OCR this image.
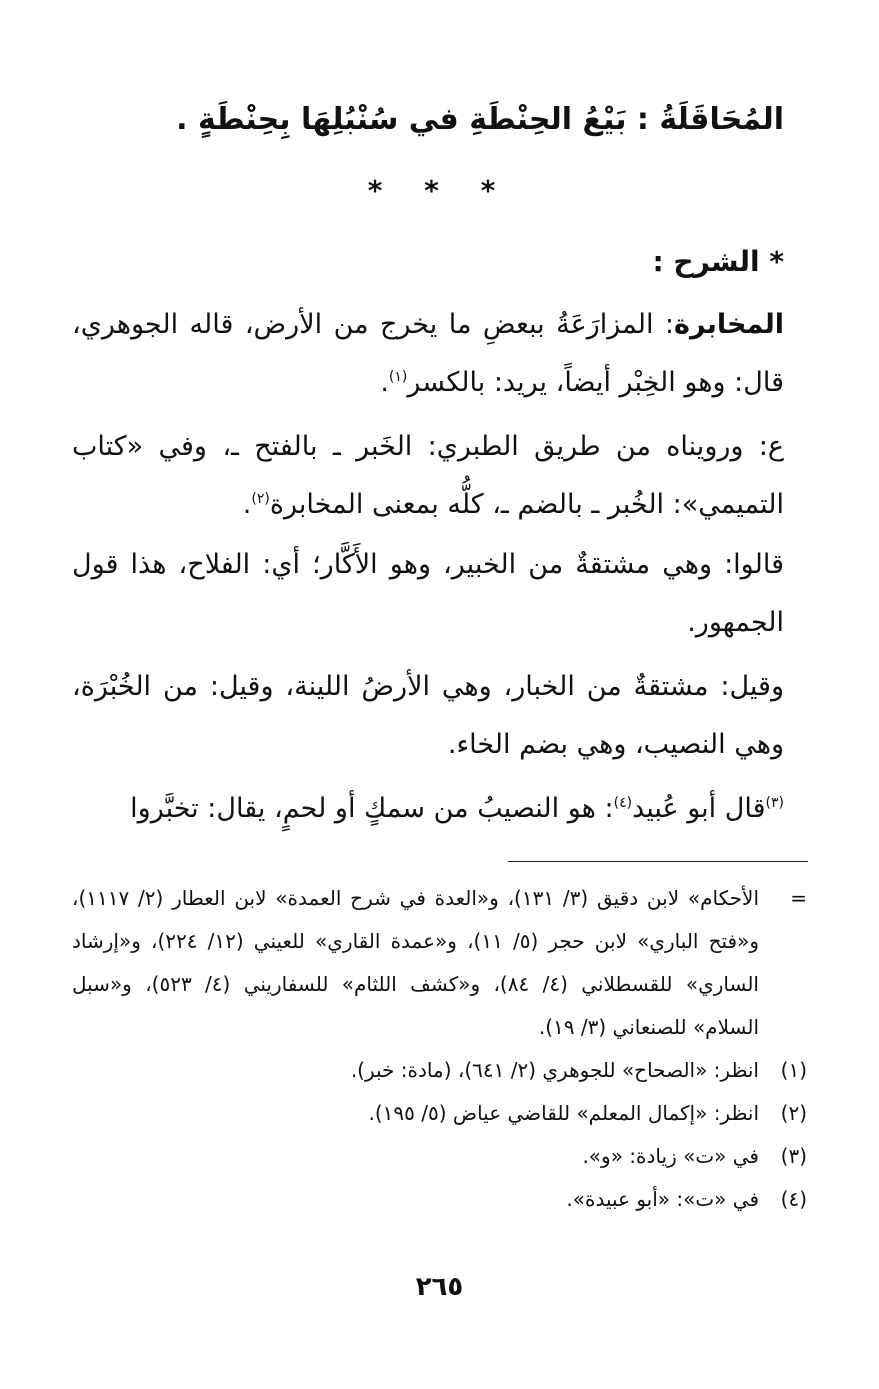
المُحَاقَلَةُ : بَيْعُ الحِنْطَةِ في سُنْبُلِهَا بِحِنْطَةٍ .
* * *
* الشرح :

المخابرة: المزارَعَةُ ببعضِ ما يخرج من الأرض، قاله الجوهري، قال: وهو الخِبْر أيضاً، يريد: بالكسر$^{(١)}$.

ع: ورويناه من طريق الطبري: الخَبر ـ بالفتح ـ، وفي «كتاب التميمي»: الخُبر ـ بالضم ـ، كلُّه بمعنى المخابرة$^{(٢)}$.

قالوا: وهي مشتقةٌ من الخبير، وهو الأَكَّار؛ أي: الفلاح، هذا قول الجمهور.

وقيل: مشتقةٌ من الخبار، وهي الأرضُ اللينة، وقيل: من الخُبْرَة، وهي النصيب، وهي بضم الخاء.

$^{(٣)}$قال أبو عُبيد$^{(٤)}$: هو النصيبُ من سمكٍ أو لحمٍ، يقال: تخبَّروا

=
الأحكام» لابن دقيق (٣/ ١٣١)، و«العدة في شرح العمدة» لابن العطار (٢/ ١١١٧)، و«فتح الباري» لابن حجر (٥/ ١١)، و«عمدة القاري» للعيني (١٢/ ٢٢٤)، و«إرشاد الساري» للقسطلاني (٤/ ٨٤)، و«كشف اللثام» للسفاريني (٤/ ٥٢٣)، و«سبل السلام» للصنعاني (٣/ ١٩).
(١)
انظر: «الصحاح» للجوهري (٢/ ٦٤١)، (مادة: خبر).
(٢)
انظر: «إكمال المعلم» للقاضي عياض (٥/ ١٩٥).
(٣)
في «ت» زيادة: «و».
(٤)
في «ت»: «أبو عبيدة».
٢٦٥
